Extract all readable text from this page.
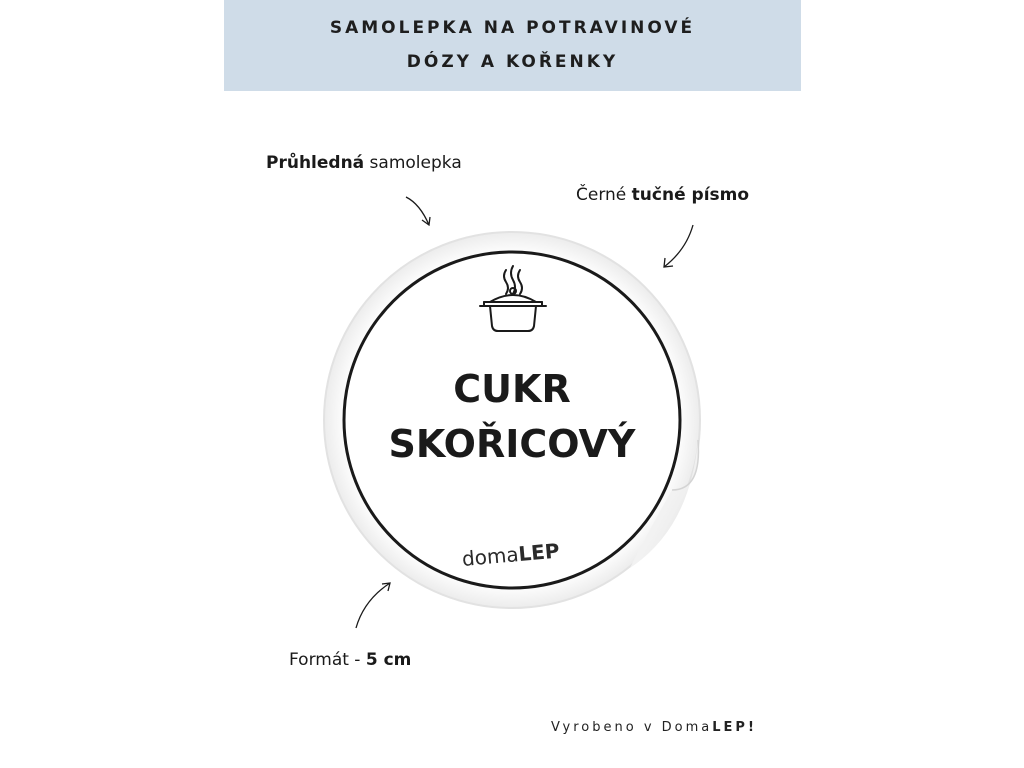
SAMOLEPKA NA POTRAVINOVÉ
DÓZY A KOŘENKY
Průhledná samolepka
Černé tučné písmo
Formát - 5 cm
CUKR
SKOŘICOVÝ
domaLEP
Vyrobeno v DomaLEP!
